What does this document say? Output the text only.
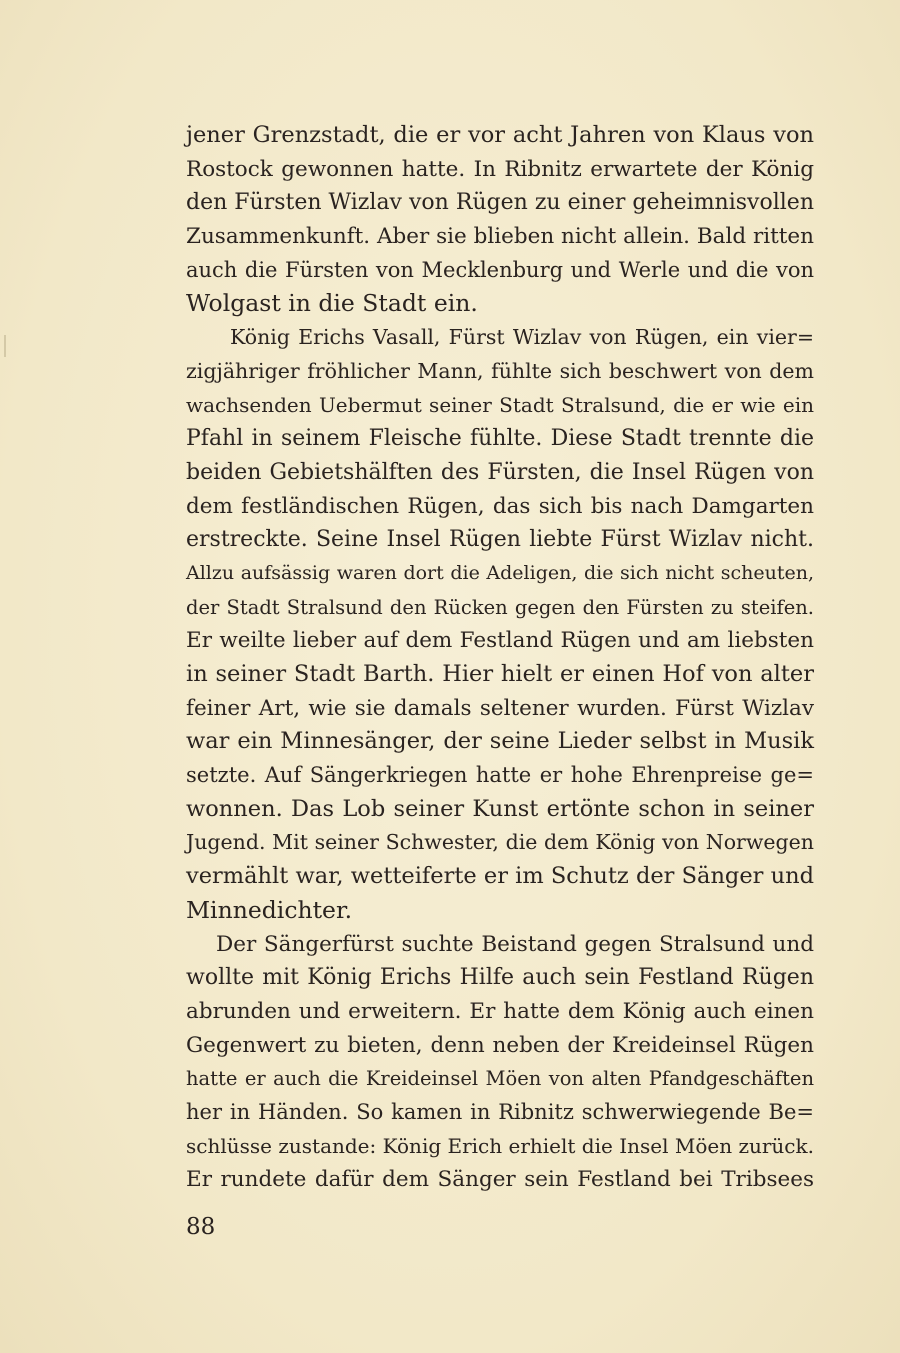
jener Grenzstadt, die er vor acht Jahren von Klaus von
Rostock gewonnen hatte. In Ribnitz erwartete der König
den Fürsten Wizlav von Rügen zu einer geheimnisvollen
Zusammenkunft. Aber sie blieben nicht allein. Bald ritten
auch die Fürsten von Mecklenburg und Werle und die von
Wolgast in die Stadt ein.
König Erichs Vasall, Fürst Wizlav von Rügen, ein vier=
zigjähriger fröhlicher Mann, fühlte sich beschwert von dem
wachsenden Uebermut seiner Stadt Stralsund, die er wie ein
Pfahl in seinem Fleische fühlte. Diese Stadt trennte die
beiden Gebietshälften des Fürsten, die Insel Rügen von
dem festländischen Rügen, das sich bis nach Damgarten
erstreckte. Seine Insel Rügen liebte Fürst Wizlav nicht.
Allzu aufsässig waren dort die Adeligen, die sich nicht scheuten,
der Stadt Stralsund den Rücken gegen den Fürsten zu steifen.
Er weilte lieber auf dem Festland Rügen und am liebsten
in seiner Stadt Barth. Hier hielt er einen Hof von alter
feiner Art, wie sie damals seltener wurden. Fürst Wizlav
war ein Minnesänger, der seine Lieder selbst in Musik
setzte. Auf Sängerkriegen hatte er hohe Ehrenpreise ge=
wonnen. Das Lob seiner Kunst ertönte schon in seiner
Jugend. Mit seiner Schwester, die dem König von Norwegen
vermählt war, wetteiferte er im Schutz der Sänger und
Minnedichter.
Der Sängerfürst suchte Beistand gegen Stralsund und
wollte mit König Erichs Hilfe auch sein Festland Rügen
abrunden und erweitern. Er hatte dem König auch einen
Gegenwert zu bieten, denn neben der Kreideinsel Rügen
hatte er auch die Kreideinsel Möen von alten Pfandgeschäften
her in Händen. So kamen in Ribnitz schwerwiegende Be=
schlüsse zustande: König Erich erhielt die Insel Möen zurück.
Er rundete dafür dem Sänger sein Festland bei Tribsees
88
